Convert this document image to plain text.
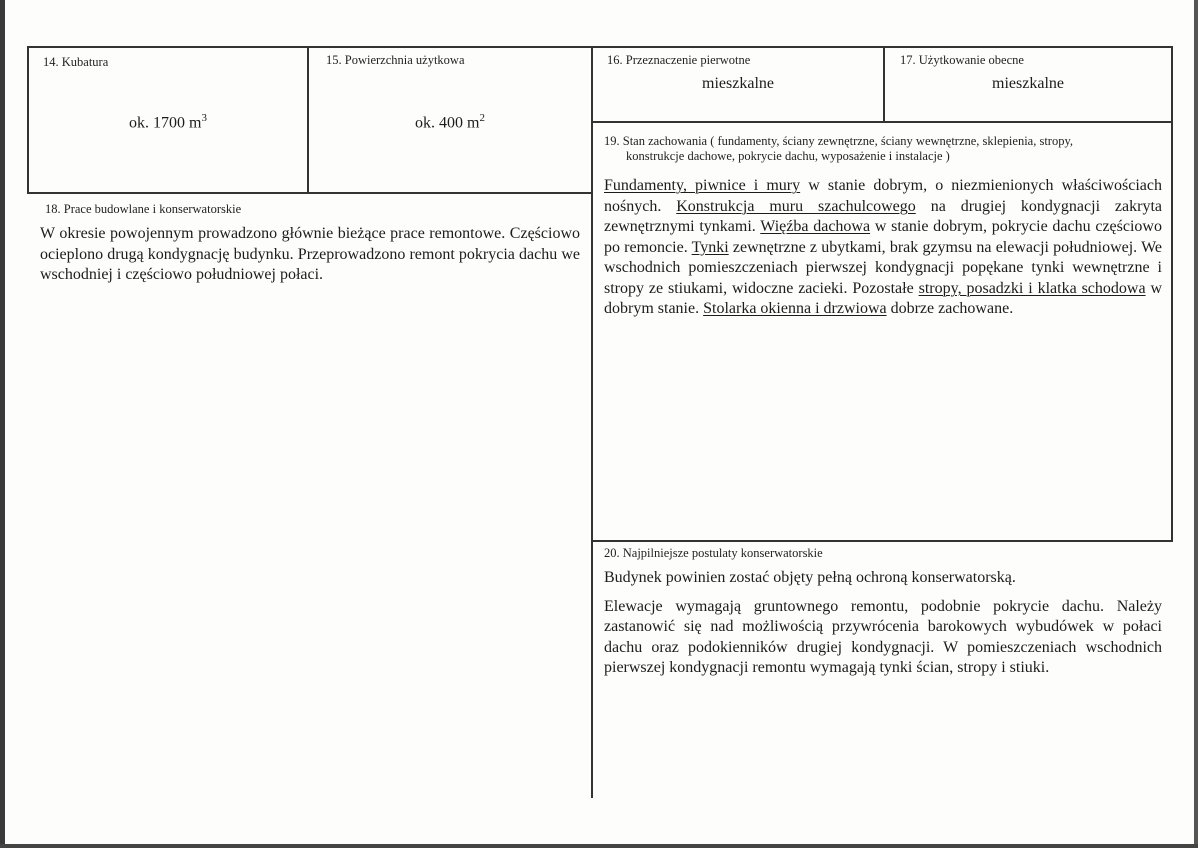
14. Kubatura
ok. 1700 $m^3$
15. Powierzchnia użytkowa
ok. 400 $m^2$
16. Przeznaczenie pierwotne
mieszkalne
17. Użytkowanie obecne
mieszkalne
18. Prace budowlane i konserwatorskie
W okresie powojennym prowadzono głównie bieżące prace remontowe. Częściowo ocieplono drugą kondygnację budynku. Przeprowadzono remont pokrycia dachu we wschodniej i częściowo południowej połaci.
19. Stan zachowania ( fundamenty, ściany zewnętrzne, ściany wewnętrzne, sklepienia, stropy,
konstrukcje dachowe, pokrycie dachu, wyposażenie i instalacje )
Fundamenty, piwnice i mury w stanie dobrym, o niezmienionych właściwościach nośnych. Konstrukcja muru szachulcowego na drugiej kondygnacji zakryta zewnętrznymi tynkami. Więźba dachowa w stanie dobrym, pokrycie dachu częściowo po remoncie. Tynki zewnętrzne z ubytkami, brak gzymsu na elewacji południowej. We wschodnich pomieszczeniach pierwszej kondygnacji popękane tynki wewnętrzne i stropy ze stiukami, widoczne zacieki. Pozostałe stropy, posadzki i klatka schodowa w dobrym stanie. Stolarka okienna i drzwiowa dobrze zachowane.
20. Najpilniejsze postulaty konserwatorskie

Budynek powinien zostać objęty pełną ochroną konserwatorską.

Elewacje wymagają gruntownego remontu, podobnie pokrycie dachu. Należy zastanowić się nad możliwością przywrócenia barokowych wybudówek w połaci dachu oraz podokienników drugiej kondygnacji. W pomieszczeniach wschodnich pierwszej kondygnacji remontu wymagają tynki ścian, stropy i stiuki.
